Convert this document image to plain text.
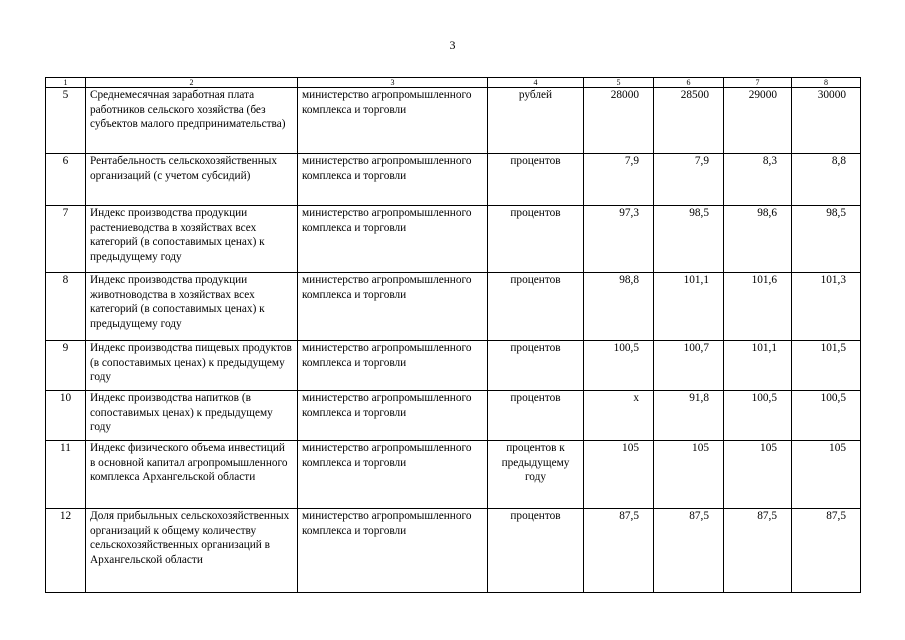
3
1	2	3	4	5	6	7	8
5	Среднемесячная заработная плата работников сельского хозяйства (без субъектов малого предпринимательства)	министерство агропромышленного комплекса и торговли	рублей	28000	28500	29000	30000
6	Рентабельность сельскохозяйственных организаций (с учетом субсидий)	министерство агропромышленного комплекса и торговли	процентов	7,9	7,9	8,3	8,8
7	Индекс производства продукции растениеводства в хозяйствах всех категорий (в сопоставимых ценах) к предыдущему году	министерство агропромышленного комплекса и торговли	процентов	97,3	98,5	98,6	98,5
8	Индекс производства продукции животноводства в хозяйствах всех категорий (в сопоставимых ценах) к предыдущему году	министерство агропромышленного комплекса и торговли	процентов	98,8	101,1	101,6	101,3
9	Индекс производства пищевых продуктов (в сопоставимых ценах) к предыдущему году	министерство агропромышленного комплекса и торговли	процентов	100,5	100,7	101,1	101,5
10	Индекс производства напитков (в сопоставимых ценах) к предыдущему году	министерство агропромышленного комплекса и торговли	процентов	х	91,8	100,5	100,5
11	Индекс физического объема инвестиций в основной капитал агропромышленного комплекса Архангельской области	министерство агропромышленного комплекса и торговли	процентов к предыдущему году	105	105	105	105
12	Доля прибыльных сельскохозяйственных организаций к общему количеству сельскохозяйственных организаций в Архангельской области	министерство агропромышленного комплекса и торговли	процентов	87,5	87,5	87,5	87,5
